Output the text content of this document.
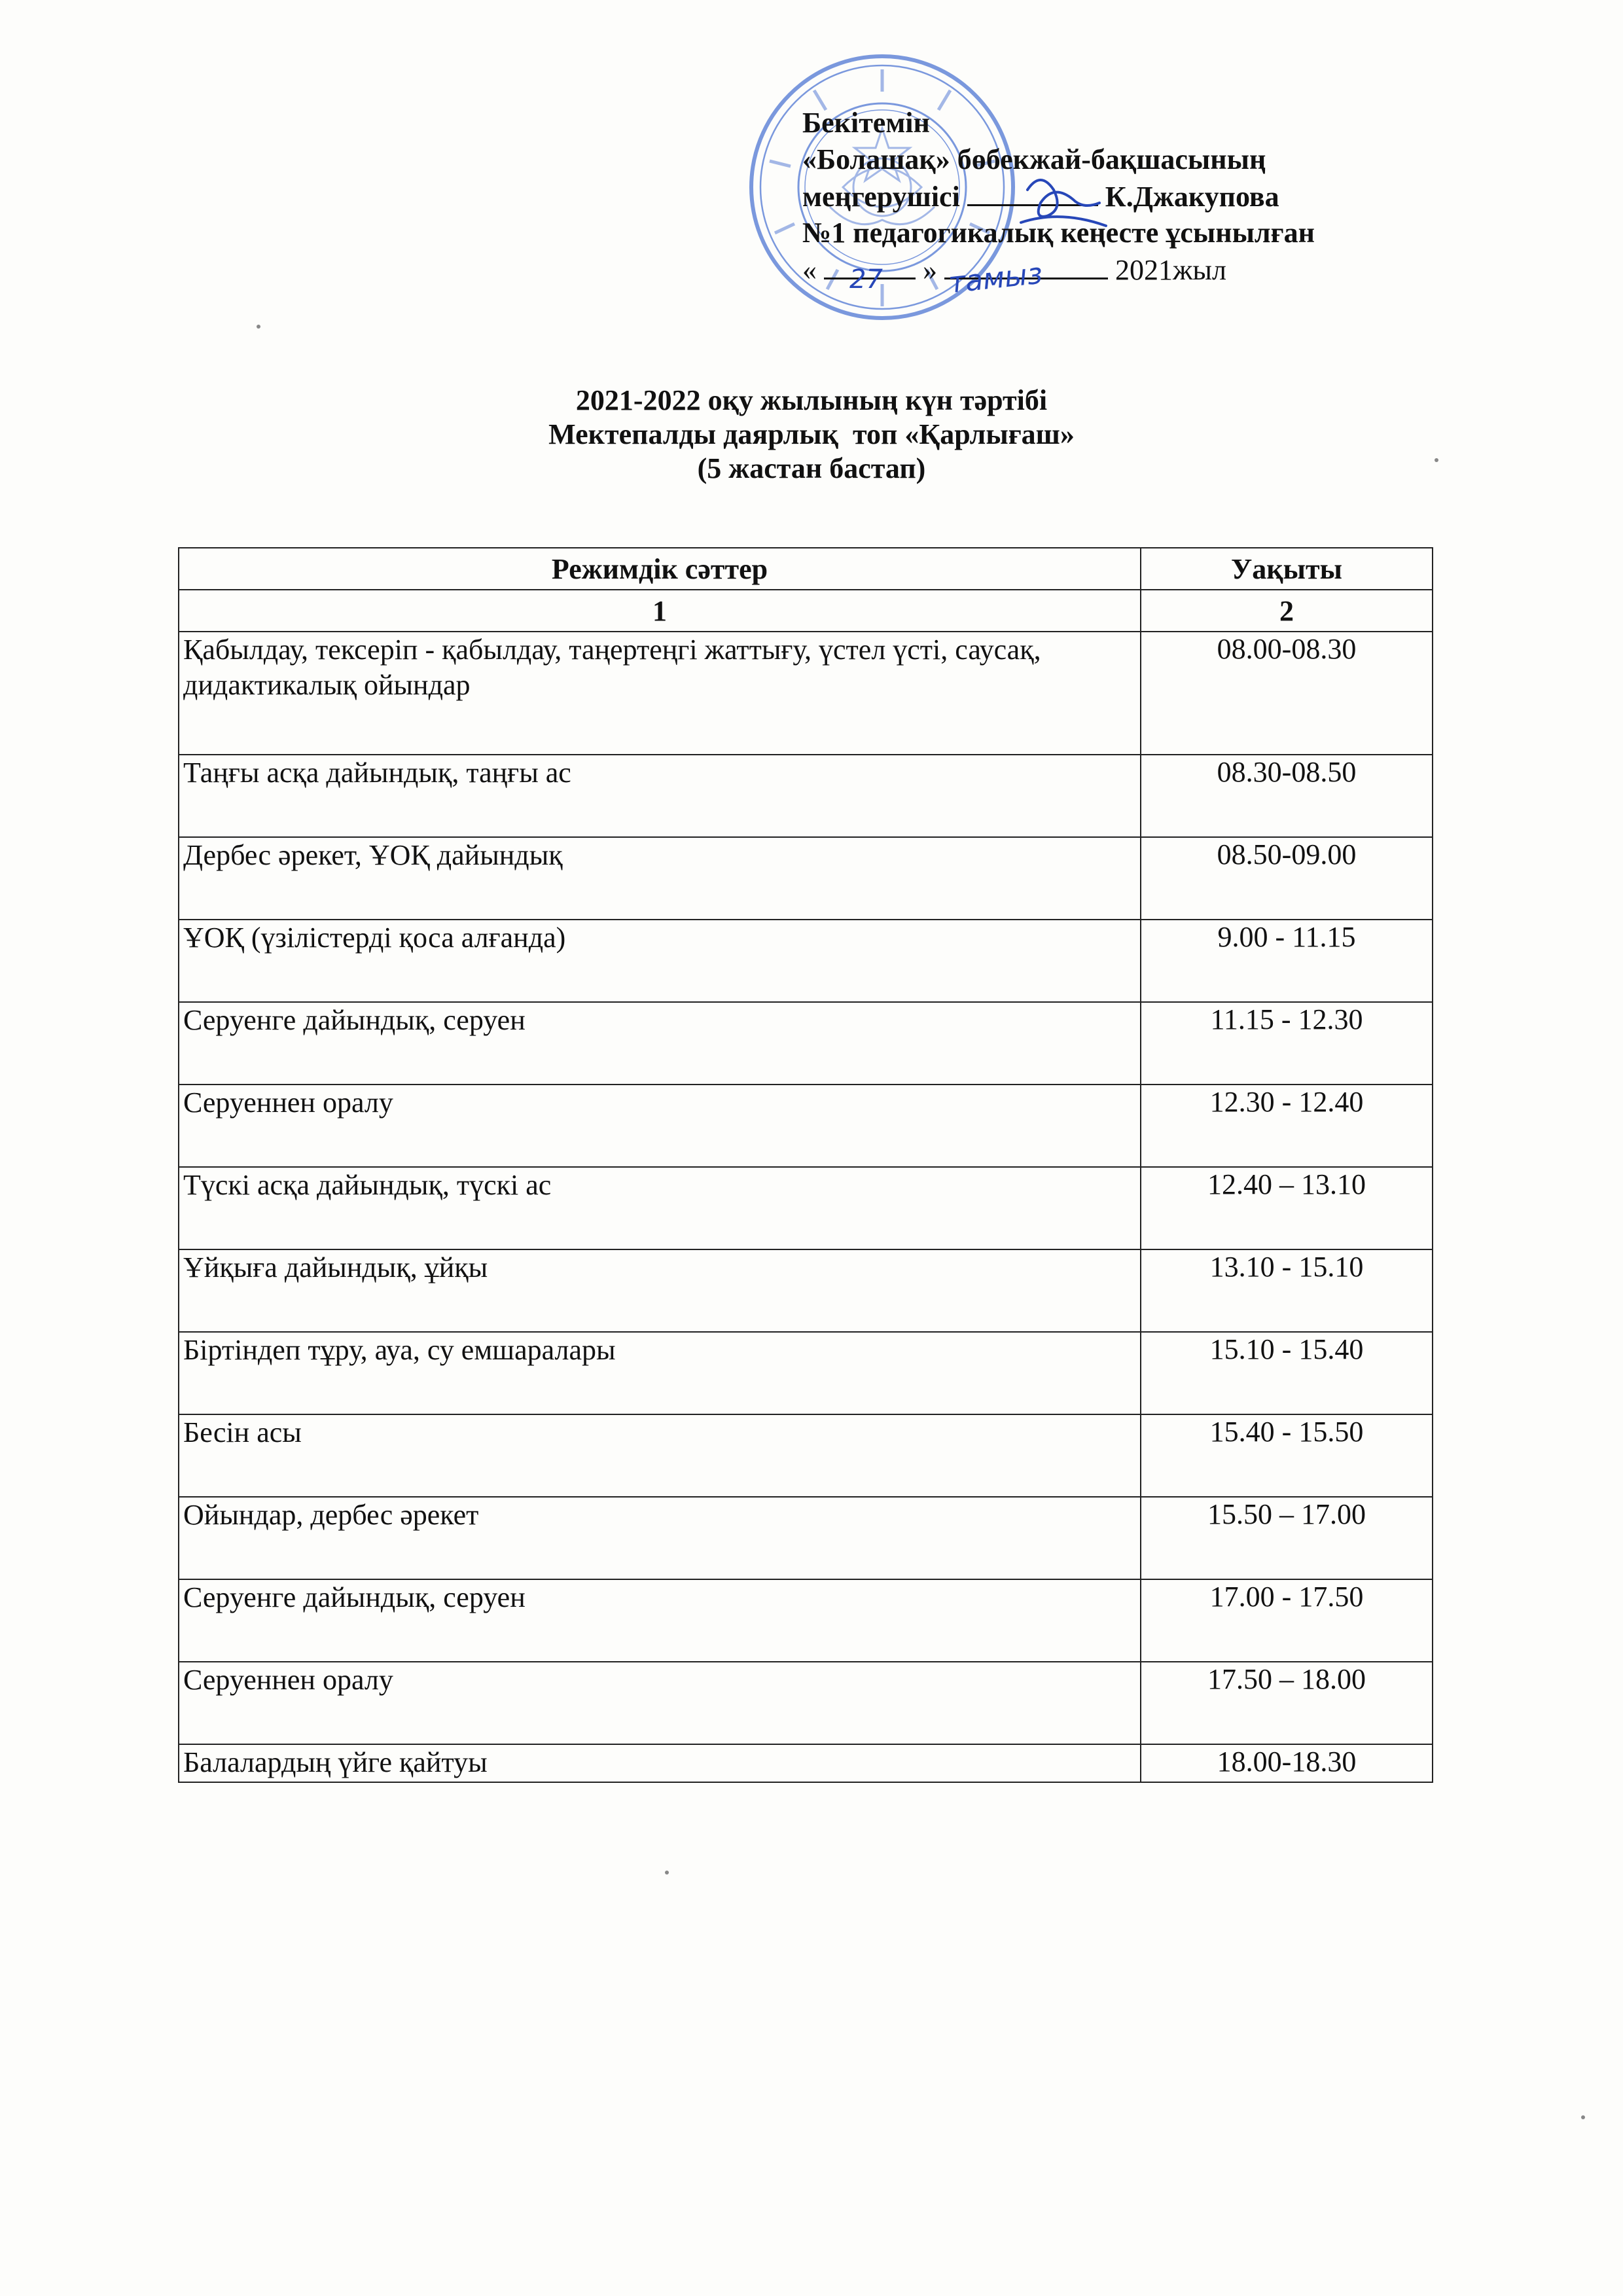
Бекітемін
«Болашақ» бөбекжай-бақшасының
меңгерушісі	К.Джакупова
№1 педагогикалық кеңесте ұсынылған
«	»	2021жыл
27 тамыз
2021-2022 оқу жылының күн тәртібі
Мектепалды даярлық  топ «Қарлығаш»
(5 жастан бастап)
Режимдік сәттер	Уақыты
1	2
Қабылдау, тексеріп - қабылдау, таңертеңгі жаттығу, үстел үсті, саусақ, дидактикалық ойындар	08.00-08.30
Таңғы асқа дайындық, таңғы ас	08.30-08.50
Дербес әрекет, ҰОҚ дайындық	08.50-09.00
ҰОҚ (үзілістерді қоса алғанда)	9.00 - 11.15
Серуенге дайындық, серуен	11.15 - 12.30
Серуеннен оралу	12.30 - 12.40
Түскі асқа дайындық, түскі ас	12.40 – 13.10
Ұйқыға дайындық, ұйқы	13.10 - 15.10
Біртіндеп тұру, ауа, су емшаралары	15.10 - 15.40
Бесін асы	15.40 - 15.50
Ойындар, дербес әрекет	15.50 – 17.00
Серуенге дайындық, серуен	17.00 - 17.50
Серуеннен оралу	17.50 – 18.00
Балалардың үйге қайтуы	18.00-18.30
